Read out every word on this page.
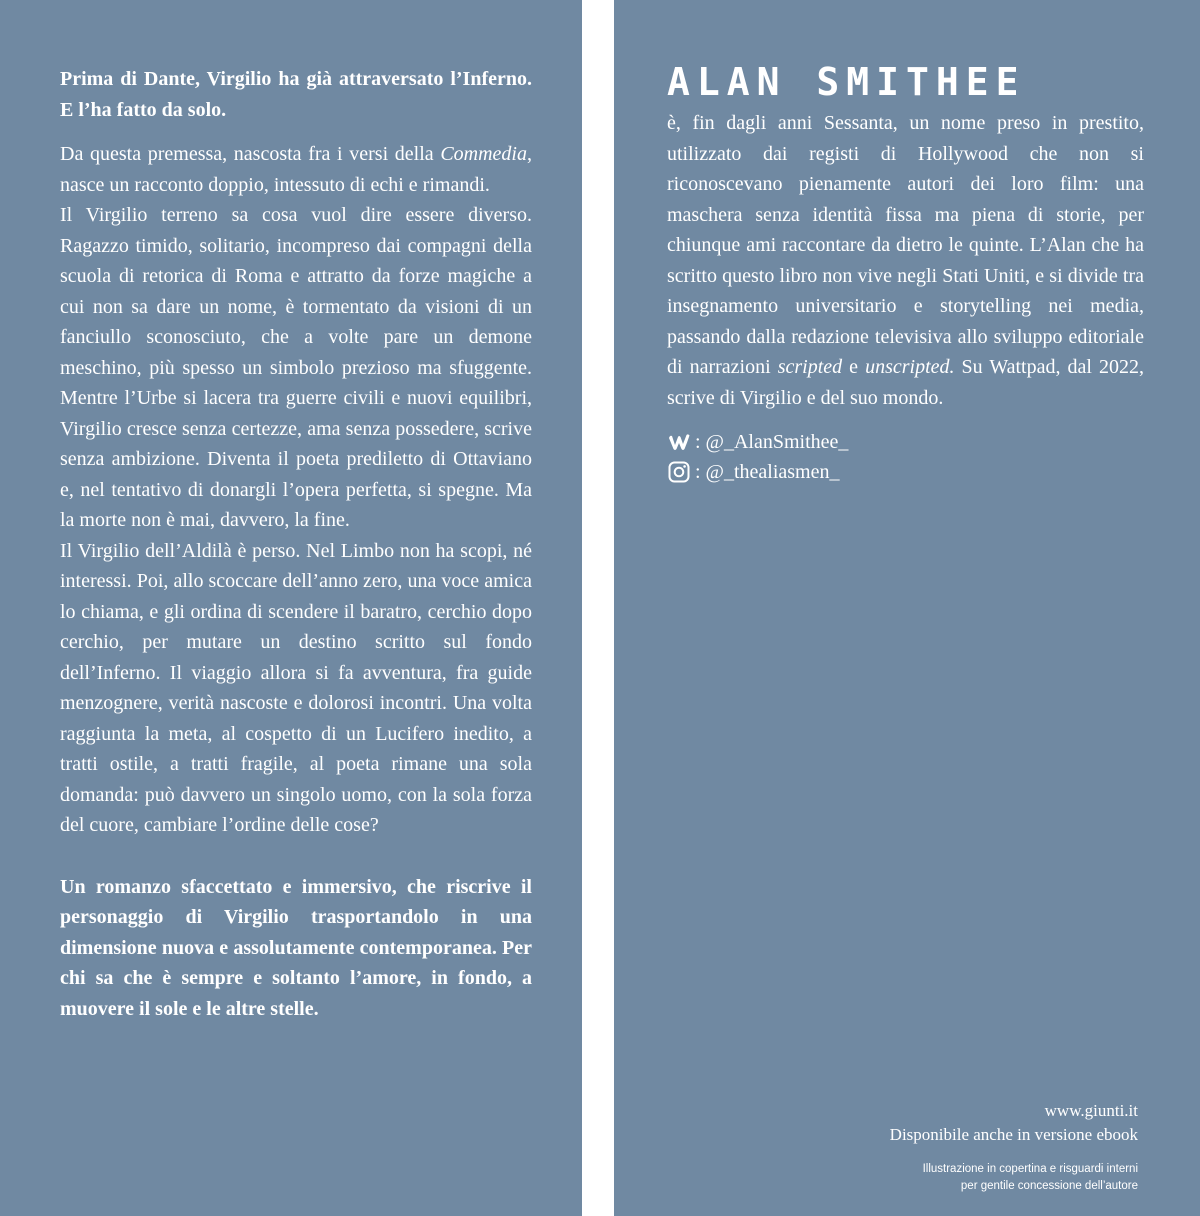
Prima di Dante, Virgilio ha già attraversato l’Inferno. E l’ha fatto da solo.

Da questa premessa, nascosta fra i versi della Commedia, nasce un racconto doppio, intessuto di echi e rimandi.

Il Virgilio terreno sa cosa vuol dire essere diverso. Ragazzo timido, solitario, incompreso dai compagni della scuola di retorica di Roma e attratto da forze magiche a cui non sa dare un nome, è tormentato da visioni di un fanciullo sconosciuto, che a volte pare un demone meschino, più spesso un simbolo prezioso ma sfuggente. Mentre l’Urbe si lacera tra guerre civili e nuovi equilibri, Virgilio cresce senza certezze, ama senza possedere, scrive senza ambizione. Diventa il poeta prediletto di Ottaviano e, nel tentativo di donargli l’opera perfetta, si spegne. Ma la morte non è mai, davvero, la fine.

Il Virgilio dell’Aldilà è perso. Nel Limbo non ha scopi, né interessi. Poi, allo scoccare dell’anno zero, una voce amica lo chiama, e gli ordina di scendere il baratro, cerchio dopo cerchio, per mutare un destino scritto sul fondo dell’Inferno. Il viaggio allora si fa avventura, fra guide menzognere, verità nascoste e dolorosi incontri. Una volta raggiunta la meta, al cospetto di un Lucifero inedito, a tratti ostile, a tratti fragile, al poeta rimane una sola domanda: può davvero un singolo uomo, con la sola forza del cuore, cambiare l’ordine delle cose?

Un romanzo sfaccettato e immersivo, che riscrive il personaggio di Virgilio trasportandolo in una dimensione nuova e assolutamente contemporanea. Per chi sa che è sempre e soltanto l’amore, in fondo, a muovere il sole e le altre stelle.

ALAN SMITHEE

è, fin dagli anni Sessanta, un nome preso in prestito, utilizzato dai registi di Hollywood che non si riconoscevano pienamente autori dei loro film: una maschera senza identità fissa ma piena di storie, per chiunque ami raccontare da dietro le quinte. L’Alan che ha scritto questo libro non vive negli Stati Uniti, e si divide tra insegnamento universitario e storytelling nei media, passando dalla redazione televisiva allo sviluppo editoriale di narrazioni scripted e unscripted. Su Wattpad, dal 2022, scrive di Virgilio e del suo mondo.

: @_AlanSmithee_

: @_thealiasmen_

www.giunti.it

Disponibile anche in versione ebook

Illustrazione in copertina e risguardi interni

per gentile concessione dell’autore
